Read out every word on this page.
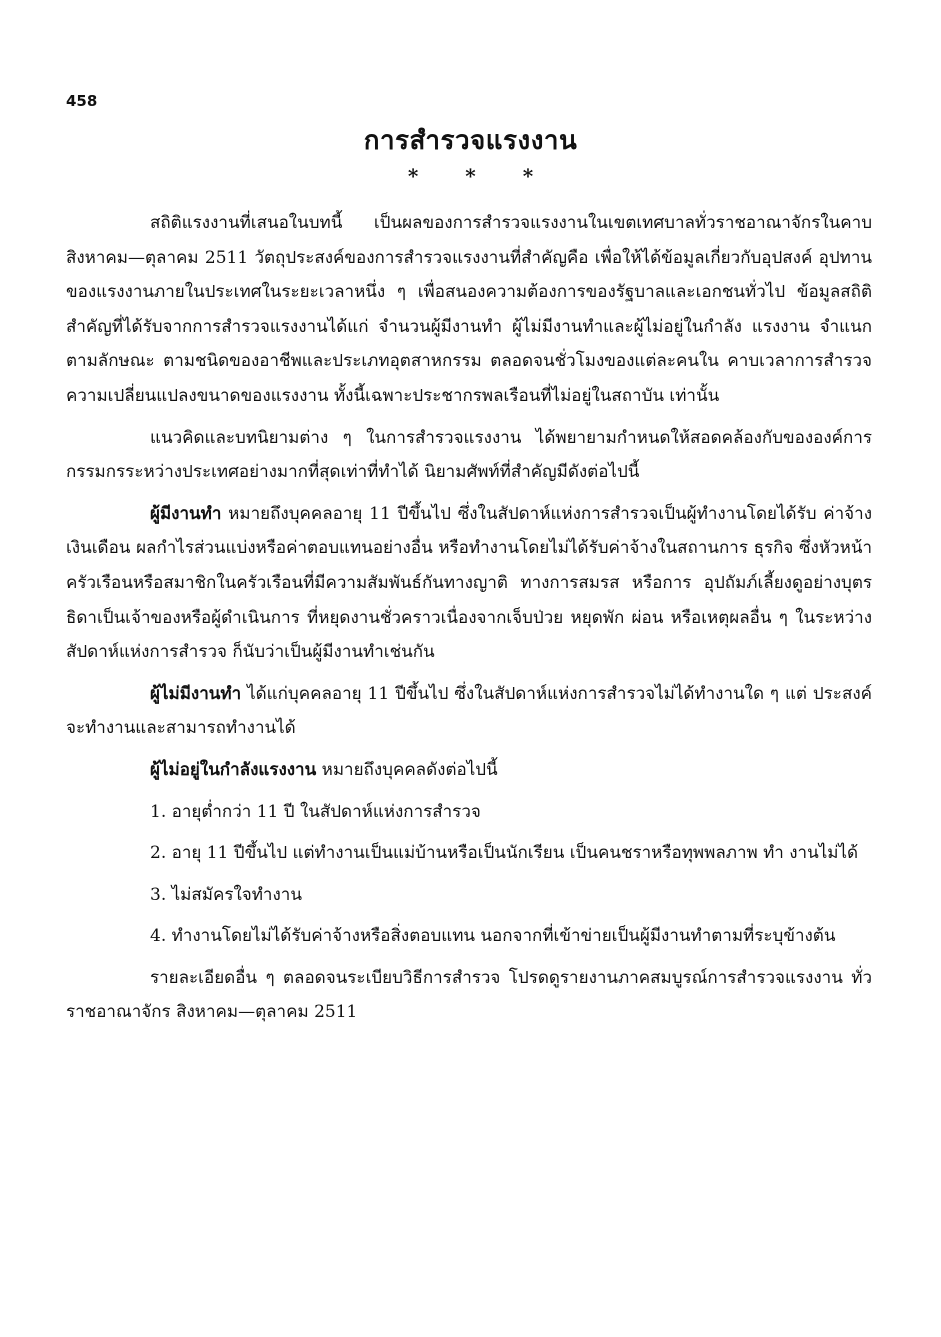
458
การสำรวจแรงงาน
* * *

สถิติแรงงานที่เสนอในบทนี้ เป็นผลของการสำรวจแรงงานในเขตเทศบาลทั่วราชอาณาจักรในคาบ สิงหาคม—ตุลาคม 2511 วัตถุประสงค์ของการสำรวจแรงงานที่สำคัญคือ เพื่อให้ได้ข้อมูลเกี่ยวกับอุปสงค์ อุปทานของแรงงานภายในประเทศในระยะเวลาหนึ่ง ๆ เพื่อสนองความต้องการของรัฐบาลและเอกชนทั่วไป ข้อมูลสถิติสำคัญที่ได้รับจากการสำรวจแรงงานได้แก่ จำนวนผู้มีงานทำ ผู้ไม่มีงานทำและผู้ไม่อยู่ในกำลัง แรงงาน จำแนกตามลักษณะ ตามชนิดของอาชีพและประเภทอุตสาหกรรม ตลอดจนชั่วโมงของแต่ละคนใน คาบเวลาการสำรวจ ความเปลี่ยนแปลงขนาดของแรงงาน ทั้งนี้เฉพาะประชากรพลเรือนที่ไม่อยู่ในสถาบัน เท่านั้น

แนวคิดและบทนิยามต่าง ๆ ในการสำรวจแรงงาน ได้พยายามกำหนดให้สอดคล้องกับขององค์การ กรรมกรระหว่างประเทศอย่างมากที่สุดเท่าที่ทำได้ นิยามศัพท์ที่สำคัญมีดังต่อไปนี้

ผู้มีงานทำ หมายถึงบุคคลอายุ 11 ปีขึ้นไป ซึ่งในสัปดาห์แห่งการสำรวจเป็นผู้ทำงานโดยได้รับ ค่าจ้างเงินเดือน ผลกำไรส่วนแบ่งหรือค่าตอบแทนอย่างอื่น หรือทำงานโดยไม่ได้รับค่าจ้างในสถานการ ธุรกิจ ซึ่งหัวหน้าครัวเรือนหรือสมาชิกในครัวเรือนที่มีความสัมพันธ์กันทางญาติ ทางการสมรส หรือการ อุปถัมภ์เลี้ยงดูอย่างบุตรธิดาเป็นเจ้าของหรือผู้ดำเนินการ ที่หยุดงานชั่วคราวเนื่องจากเจ็บป่วย หยุดพัก ผ่อน หรือเหตุผลอื่น ๆ ในระหว่างสัปดาห์แห่งการสำรวจ ก็นับว่าเป็นผู้มีงานทำเช่นกัน

ผู้ไม่มีงานทำ ได้แก่บุคคลอายุ 11 ปีขึ้นไป ซึ่งในสัปดาห์แห่งการสำรวจไม่ได้ทำงานใด ๆ แต่ ประสงค์จะทำงานและสามารถทำงานได้

ผู้ไม่อยู่ในกำลังแรงงาน หมายถึงบุคคลดังต่อไปนี้

1. อายุต่ำกว่า 11 ปี ในสัปดาห์แห่งการสำรวจ

2. อายุ 11 ปีขึ้นไป แต่ทำงานเป็นแม่บ้านหรือเป็นนักเรียน เป็นคนชราหรือทุพพลภาพ ทำ งานไม่ได้

3. ไม่สมัครใจทำงาน

4. ทำงานโดยไม่ได้รับค่าจ้างหรือสิ่งตอบแทน นอกจากที่เข้าข่ายเป็นผู้มีงานทำตามที่ระบุข้างต้น

รายละเอียดอื่น ๆ ตลอดจนระเบียบวิธีการสำรวจ โปรดดูรายงานภาคสมบูรณ์การสำรวจแรงงาน ทั่วราชอาณาจักร สิงหาคม—ตุลาคม 2511
